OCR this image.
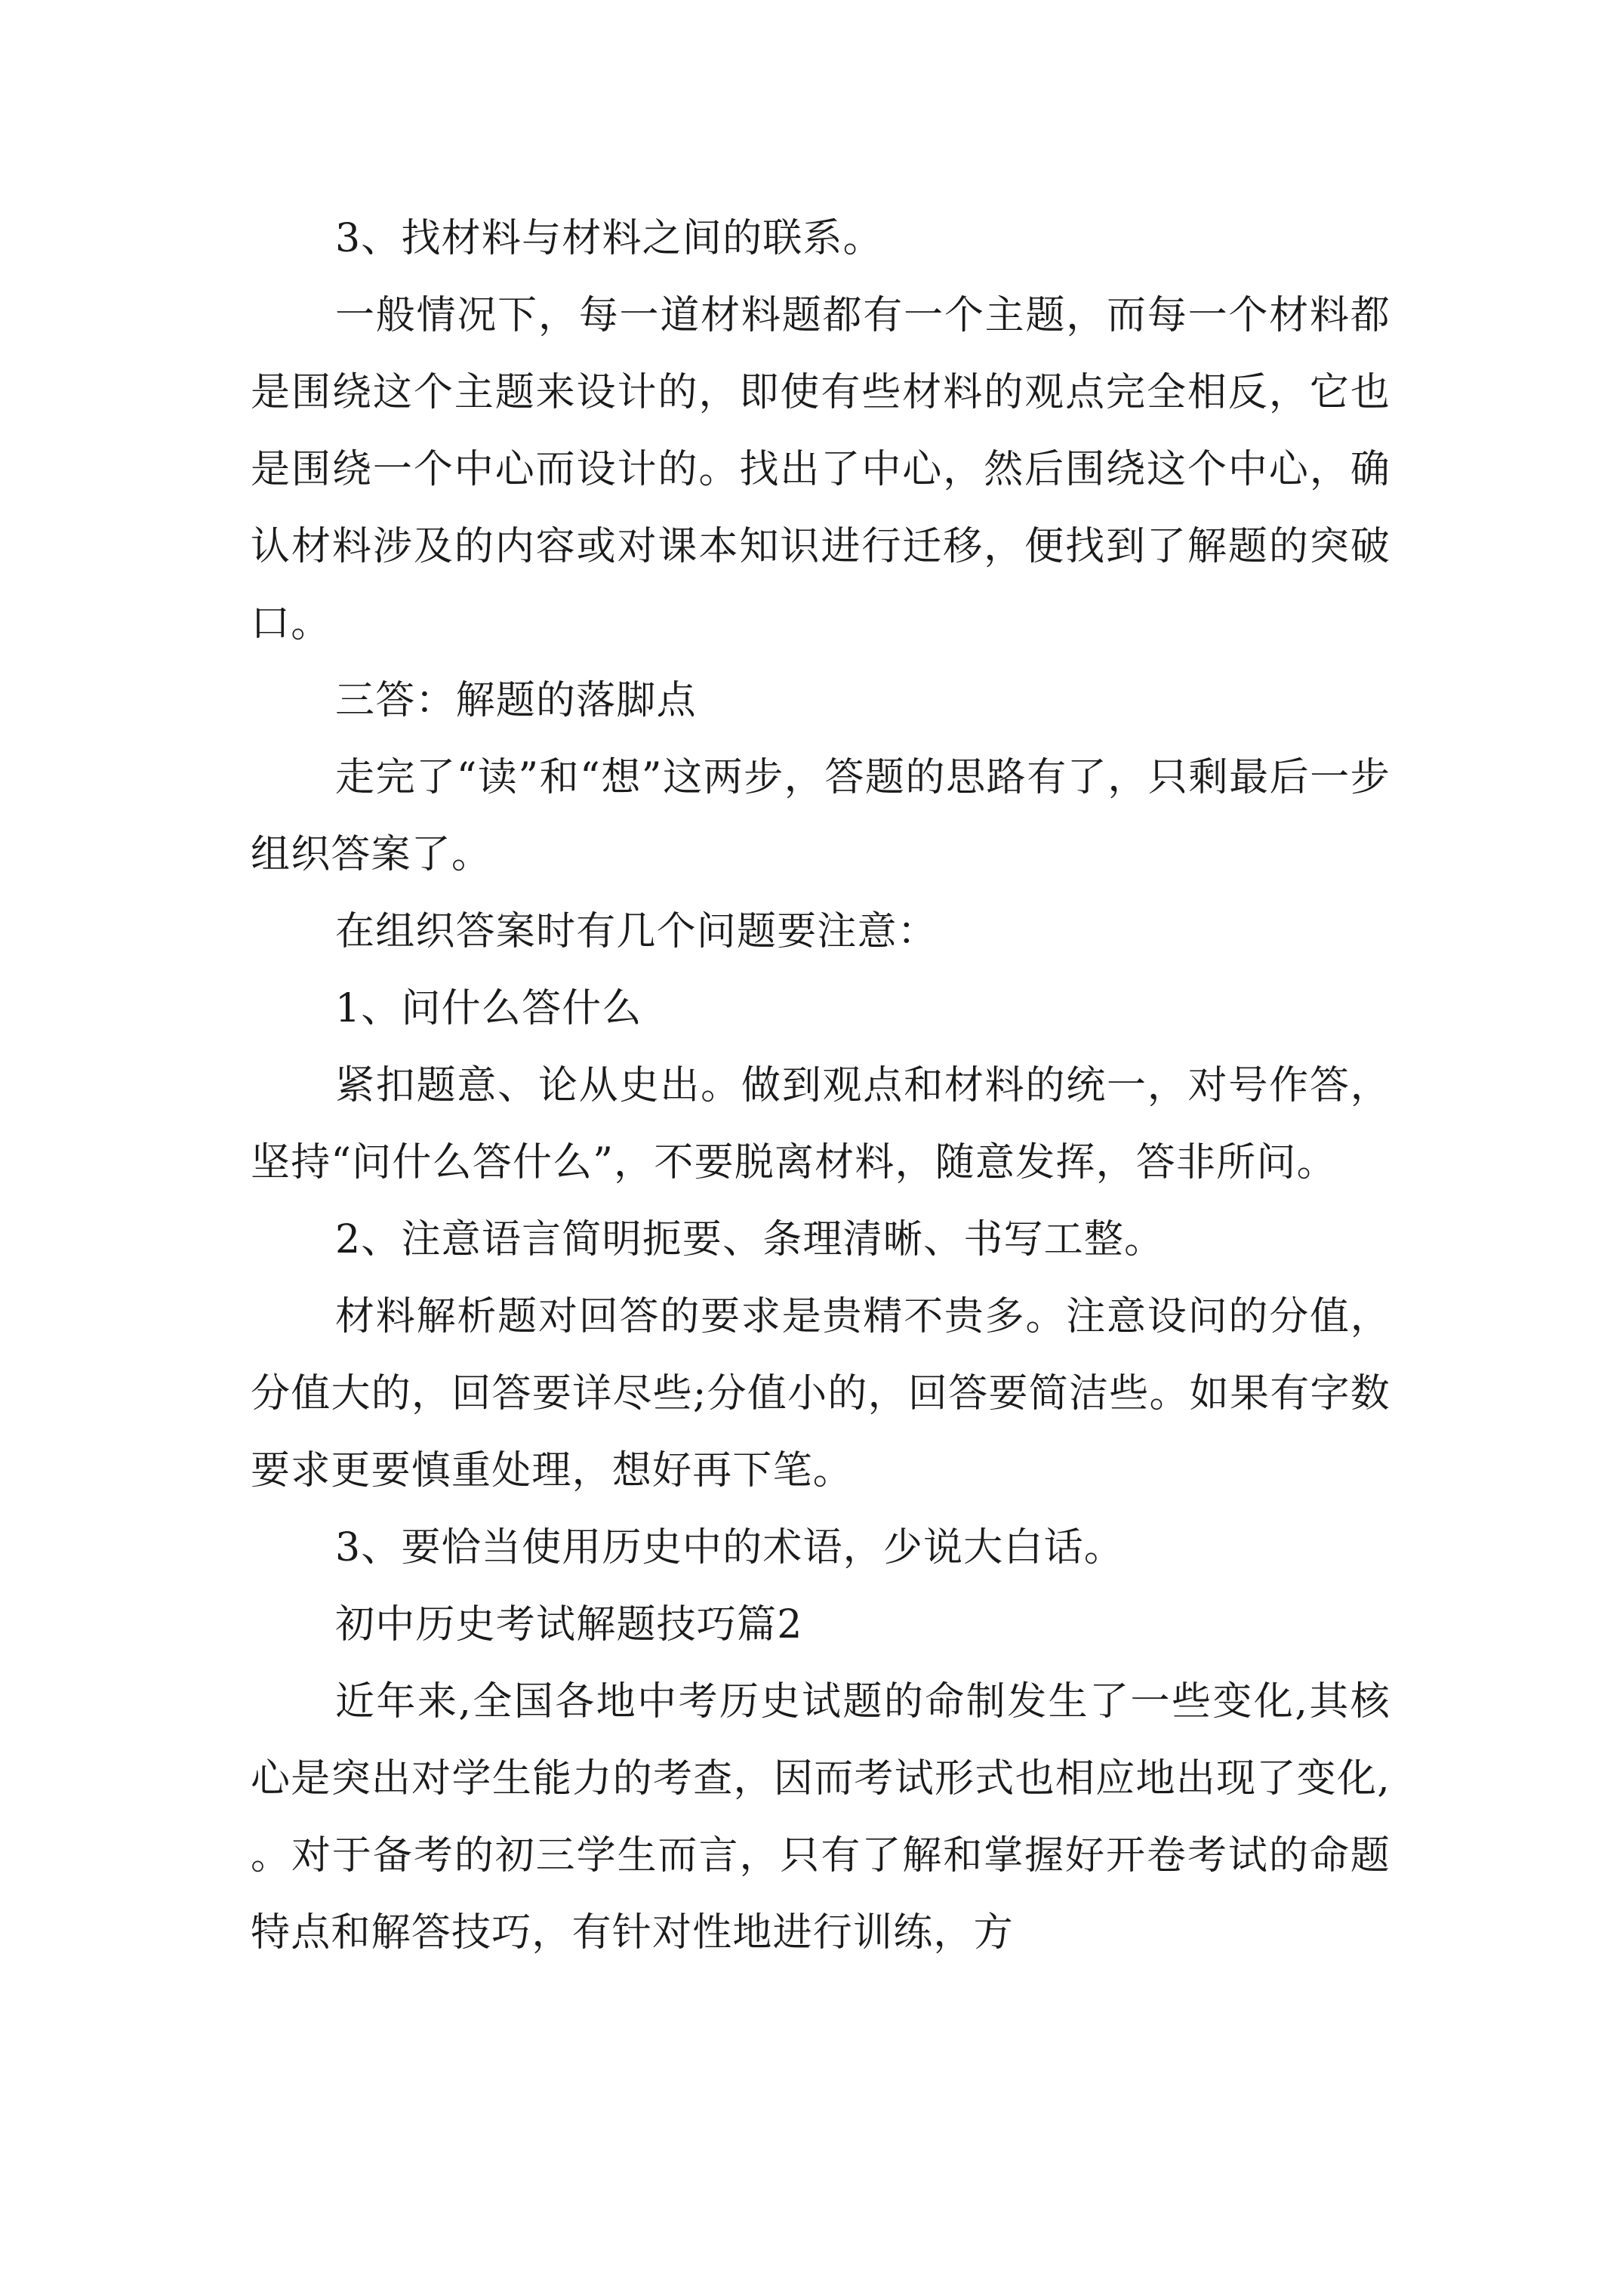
3、找材料与材料之间的联系。

一般情况下，每一道材料题都有一个主题，而每一个材料都是围绕这个主题来设计的，即使有些材料的观点完全相反，它也是围绕一个中心而设计的。找出了中心，然后围绕这个中心，确认材料涉及的内容或对课本知识进行迁移，便找到了解题的突破口。

三答：解题的落脚点

走完了“读”和“想”这两步，答题的思路有了，只剩最后一步组织答案了。

在组织答案时有几个问题要注意：

1、问什么答什么

紧扣题意、论从史出。做到观点和材料的统一，对号作答，坚持“问什么答什么”，不要脱离材料，随意发挥，答非所问。

2、注意语言简明扼要、条理清晰、书写工整。

材料解析题对回答的要求是贵精不贵多。注意设问的分值，分值大的，回答要详尽些;分值小的，回答要简洁些。如果有字数要求更要慎重处理，想好再下笔。

3、要恰当使用历史中的术语，少说大白话。

初中历史考试解题技巧篇2

近年来,全国各地中考历史试题的命制发生了一些变化,其核心是突出对学生能力的考查，因而考试形式也相应地出现了变化,。对于备考的初三学生而言，只有了解和掌握好开卷考试的命题特点和解答技巧，有针对性地进行训练，方
